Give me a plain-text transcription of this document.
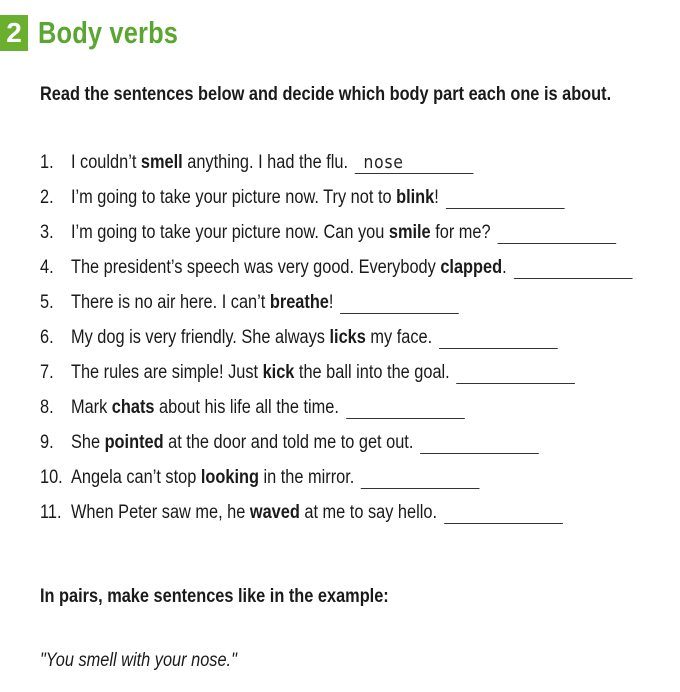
2 Body verbs
Read the sentences below and decide which body part each one is about.
1. I couldn’t smell anything. I had the flu. nose
2. I’m going to take your picture now. Try not to blink!
3. I’m going to take your picture now. Can you smile for me?
4. The president’s speech was very good. Everybody clapped.
5. There is no air here. I can’t breathe!
6. My dog is very friendly. She always licks my face.
7. The rules are simple! Just kick the ball into the goal.
8. Mark chats about his life all the time.
9. She pointed at the door and told me to get out.
10. Angela can’t stop looking in the mirror.
11. When Peter saw me, he waved at me to say hello.
In pairs, make sentences like in the example:
"You smell with your nose."
